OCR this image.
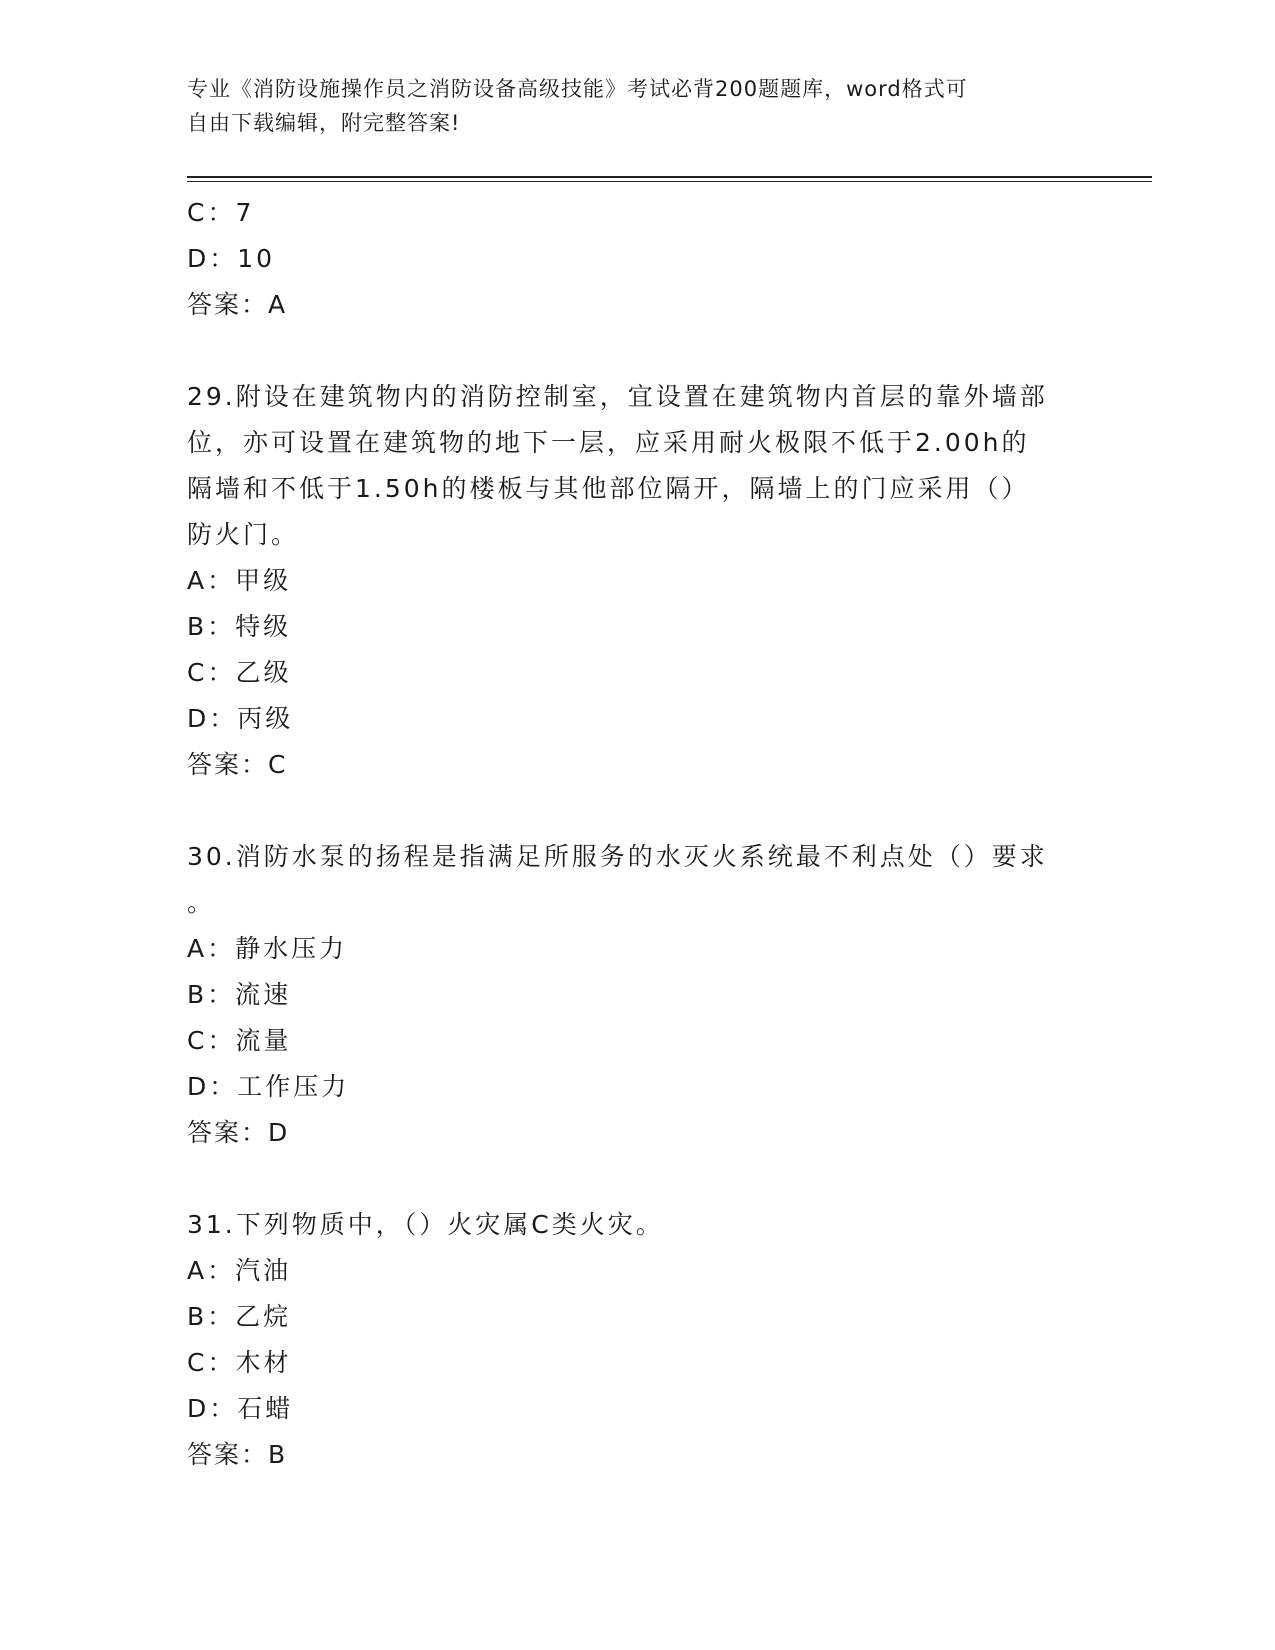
专业《消防设施操作员之消防设备高级技能》考试必背200题题库，word格式可
自由下载编辑，附完整答案!
C：7
D：10
答案：A
29.附设在建筑物内的消防控制室，宜设置在建筑物内首层的靠外墙部
位，亦可设置在建筑物的地下一层，应采用耐火极限不低于2.00h的
隔墙和不低于1.50h的楼板与其他部位隔开，隔墙上的门应采用（）
防火门。
A：甲级
B：特级
C：乙级
D：丙级
答案：C
30.消防水泵的扬程是指满足所服务的水灭火系统最不利点处（）要求
。
A：静水压力
B：流速
C：流量
D：工作压力
答案：D
31.下列物质中，（）火灾属C类火灾。
A：汽油
B：乙烷
C：木材
D：石蜡
答案：B
